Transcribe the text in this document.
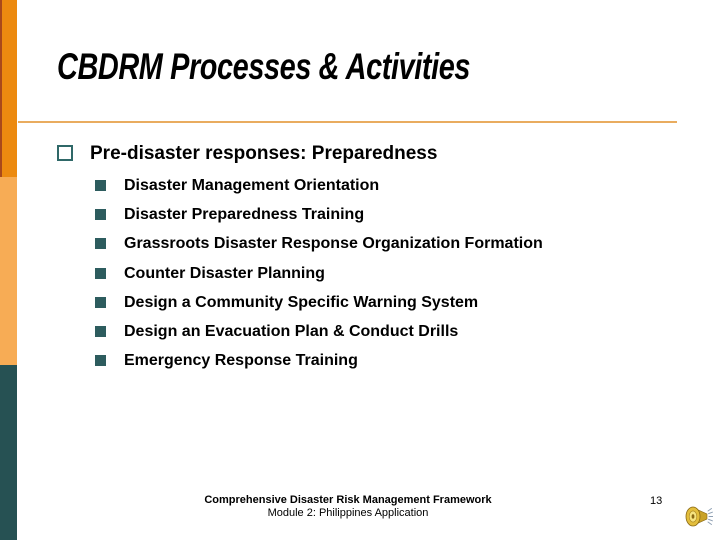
CBDRM Processes & Activities
Pre-disaster responses: Preparedness
Disaster Management Orientation
Disaster Preparedness Training
Grassroots Disaster Response Organization Formation
Counter Disaster Planning
Design a Community Specific Warning System
Design an Evacuation Plan & Conduct Drills
Emergency Response Training
Comprehensive Disaster Risk Management Framework
Module 2: Philippines Application
13
